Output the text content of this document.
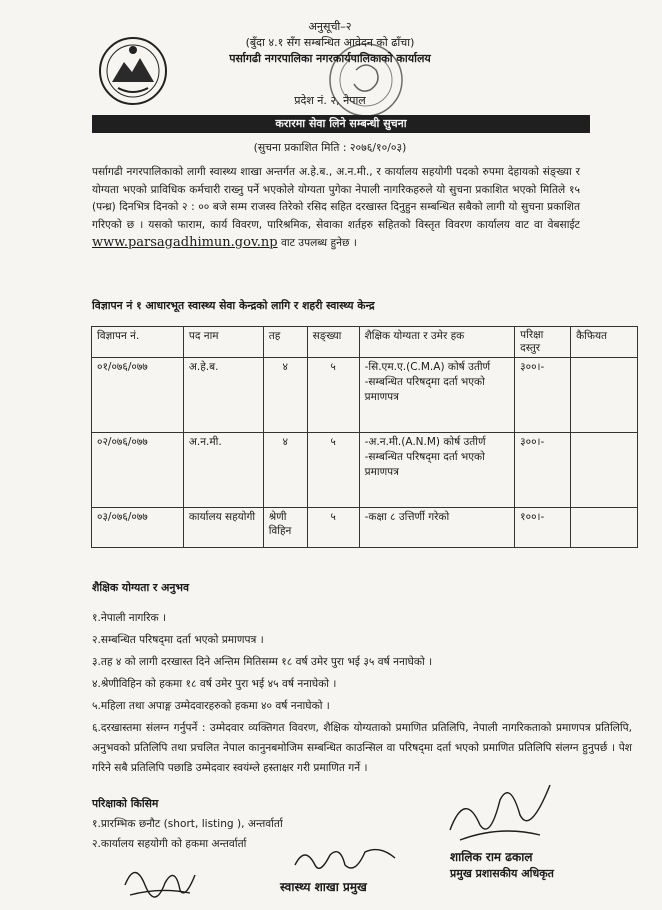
अनुसूची–२
(बुँदा ४.१ सँग सम्बन्धित आवेदन को ढाँचा)
पर्सागढी नगरपालिका नगरकार्यपालिकाको कार्यालय
प्रदेश नं. २, नेपाल
करारमा सेवा लिने सम्बन्धी सुचना
(सुचना प्रकाशित मिति : २०७६/१०/०३)
पर्सागढी नगरपालिकाको लागी स्वास्थ्य शाखा अन्तर्गत अ.हे.ब., अ.न.मी., र कार्यालय सहयोगी पदको रुपमा देहायको संङ्ख्या र योग्यता भएको प्राविधिक कर्मचारी राख्नु पर्ने भएकोले योग्यता पुगेका नेपाली नागरिकहरुले यो सुचना प्रकाशित भएको मितिले १५ (पन्ध्र) दिनभित्र दिनको २ : ०० बजे सम्म राजस्व तिरेको रसिद सहित दरखास्त दिनुहुन सम्बन्धित सबैको लागी यो सुचना प्रकाशित गरिएको छ । यसको फाराम, कार्य विवरण, पारिश्रमिक, सेवाका शर्तहरु सहितको विस्तृत विवरण कार्यालय वाट वा वेबसाईट www.parsagadhimun.gov.np वाट उपलब्ध हुनेछ ।
विज्ञापन नं १ आधारभूत स्वास्थ्य सेवा केन्द्रको लागि र शहरी स्वास्थ्य केन्द्र
विज्ञापन नं.	पद नाम	तह	सङ्ख्या	शैक्षिक योग्यता र उमेर हक	परिक्षा दस्तुर	कैफियत
०१/०७६/०७७	अ.हे.ब.	४	५	-सि.एम.ए.(C.M.A) कोर्ष उतीर्ण
-सम्बन्धित परिषद्‌मा दर्ता भएको प्रमाणपत्र	३००।-	
०२/०७६/०७७	अ.न.मी.	४	५	-अ.न.मी.(A.N.M) कोर्ष उतीर्ण
-सम्बन्धित परिषद्‌मा दर्ता भएको प्रमाणपत्र	३००।-	
०३/०७६/०७७	कार्यालय सहयोगी	श्रेणी विहिन	५	-कक्षा ८ उत्तिर्णी गरेको	१००।-	
शैक्षिक योग्यता र अनुभव
१.नेपाली नागरिक ।
२.सम्बन्धित परिषद्‌मा दर्ता भएको प्रमाणपत्र ।
३.तह ४ को लागी दरखास्त दिने अन्तिम मितिसम्म १८ वर्ष उमेर पुरा भई ३५ वर्ष ननाघेको ।
४.श्रेणीविहिन को हकमा १८ वर्ष उमेर पुरा भई ४५ वर्ष ननाघेको ।
५.महिला तथा अपाङ्ग उम्मेदवारहरुको हकमा ४० वर्ष ननाघेको ।
६.दरखास्तमा संलग्न गर्नुपर्ने : उम्मेदवार व्यक्तिगत विवरण, शैक्षिक योग्यताको प्रमाणित प्रतिलिपि, नेपाली नागरिकताको प्रमाणपत्र प्रतिलिपि, अनुभवको प्रतिलिपि तथा प्रचलित नेपाल कानुनबमोजिम सम्बन्धित काउन्सिल वा परिषद्‌मा दर्ता भएको प्रमाणित प्रतिलिपि संलग्न हुनुपर्छ । पेश गरिने सबै प्रतिलिपि पछाडि उम्मेदवार स्वयंम्ले हस्ताक्षर गरी प्रमाणित गर्ने ।
परिक्षाको किसिम
१.प्रारम्भिक छनौट (short, listing ), अन्तर्वार्ता
२.कार्यालय सहयोगी को हकमा अन्तर्वार्ता
स्वास्थ्य शाखा प्रमुख
शालिक राम ढकाल
प्रमुख प्रशासकीय अधिकृत
